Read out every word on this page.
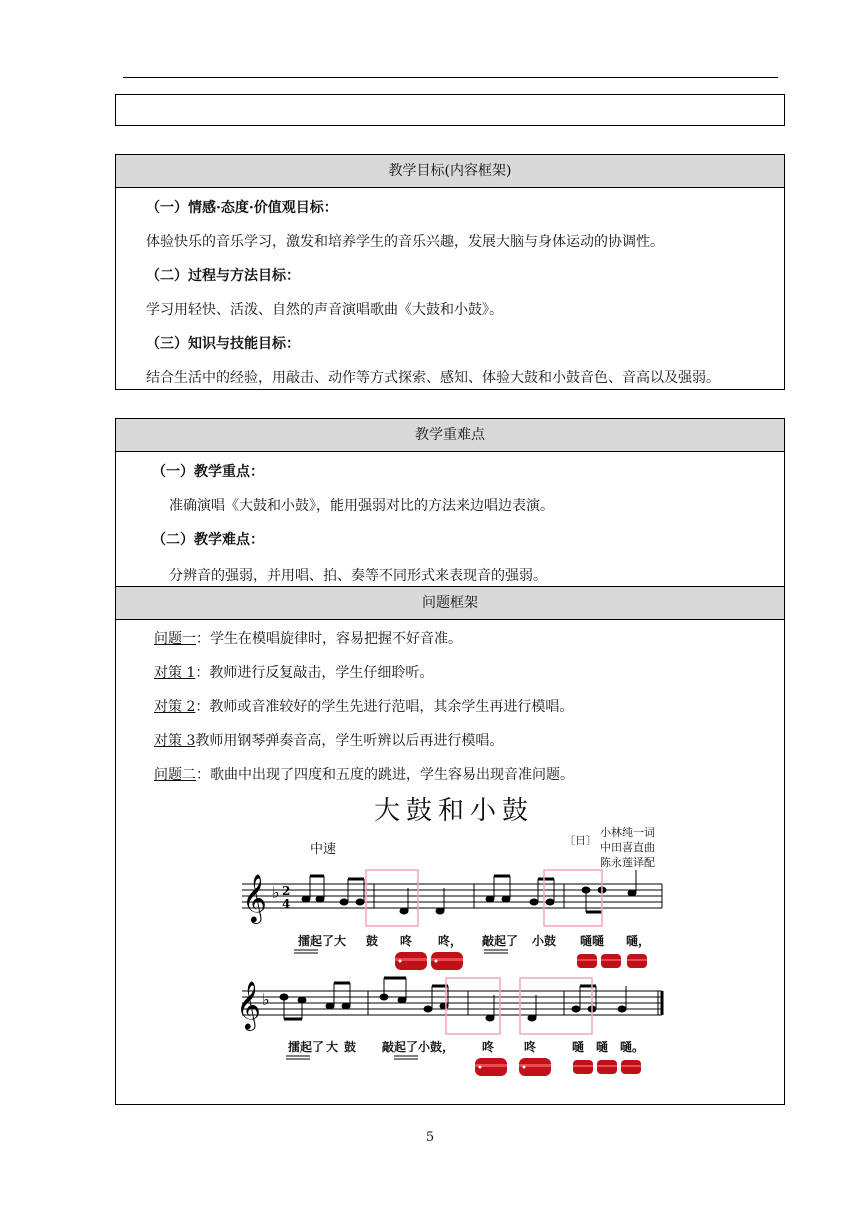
教学目标(内容框架)
（一）情感·态度·价值观目标：
体验快乐的音乐学习，激发和培养学生的音乐兴趣，发展大脑与身体运动的协调性。
（二）过程与方法目标：
学习用轻快、活泼、自然的声音演唱歌曲《大鼓和小鼓》。
（三）知识与技能目标：
结合生活中的经验，用敲击、动作等方式探索、感知、体验大鼓和小鼓音色、音高以及强弱。
教学重难点
（一）教学重点：
准确演唱《大鼓和小鼓》，能用强弱对比的方法来边唱边表演。
（二）教学难点：
分辨音的强弱，并用唱、拍、奏等不同形式来表现音的强弱。
问题框架
问题一：学生在模唱旋律时，容易把握不好音准。
对策 1：教师进行反复敲击，学生仔细聆听。
对策 2：教师或音准较好的学生先进行范唱，其余学生再进行模唱。
对策 3教师用钢琴弹奏音高，学生听辨以后再进行模唱。
问题二：歌曲中出现了四度和五度的跳进，学生容易出现音准问题。
大鼓和小鼓
〔日〕
小林纯一词
中田喜直曲
陈永莲译配
中速
𝄞 ♭ 2
4
𝄞 ♭
擂起了大 鼓 咚 咚， 敲起了 小鼓 嗵嗵 嗵，
擂起了 大 鼓 敲起了小鼓， 咚 咚	嗵 嗵 嗵。
5
